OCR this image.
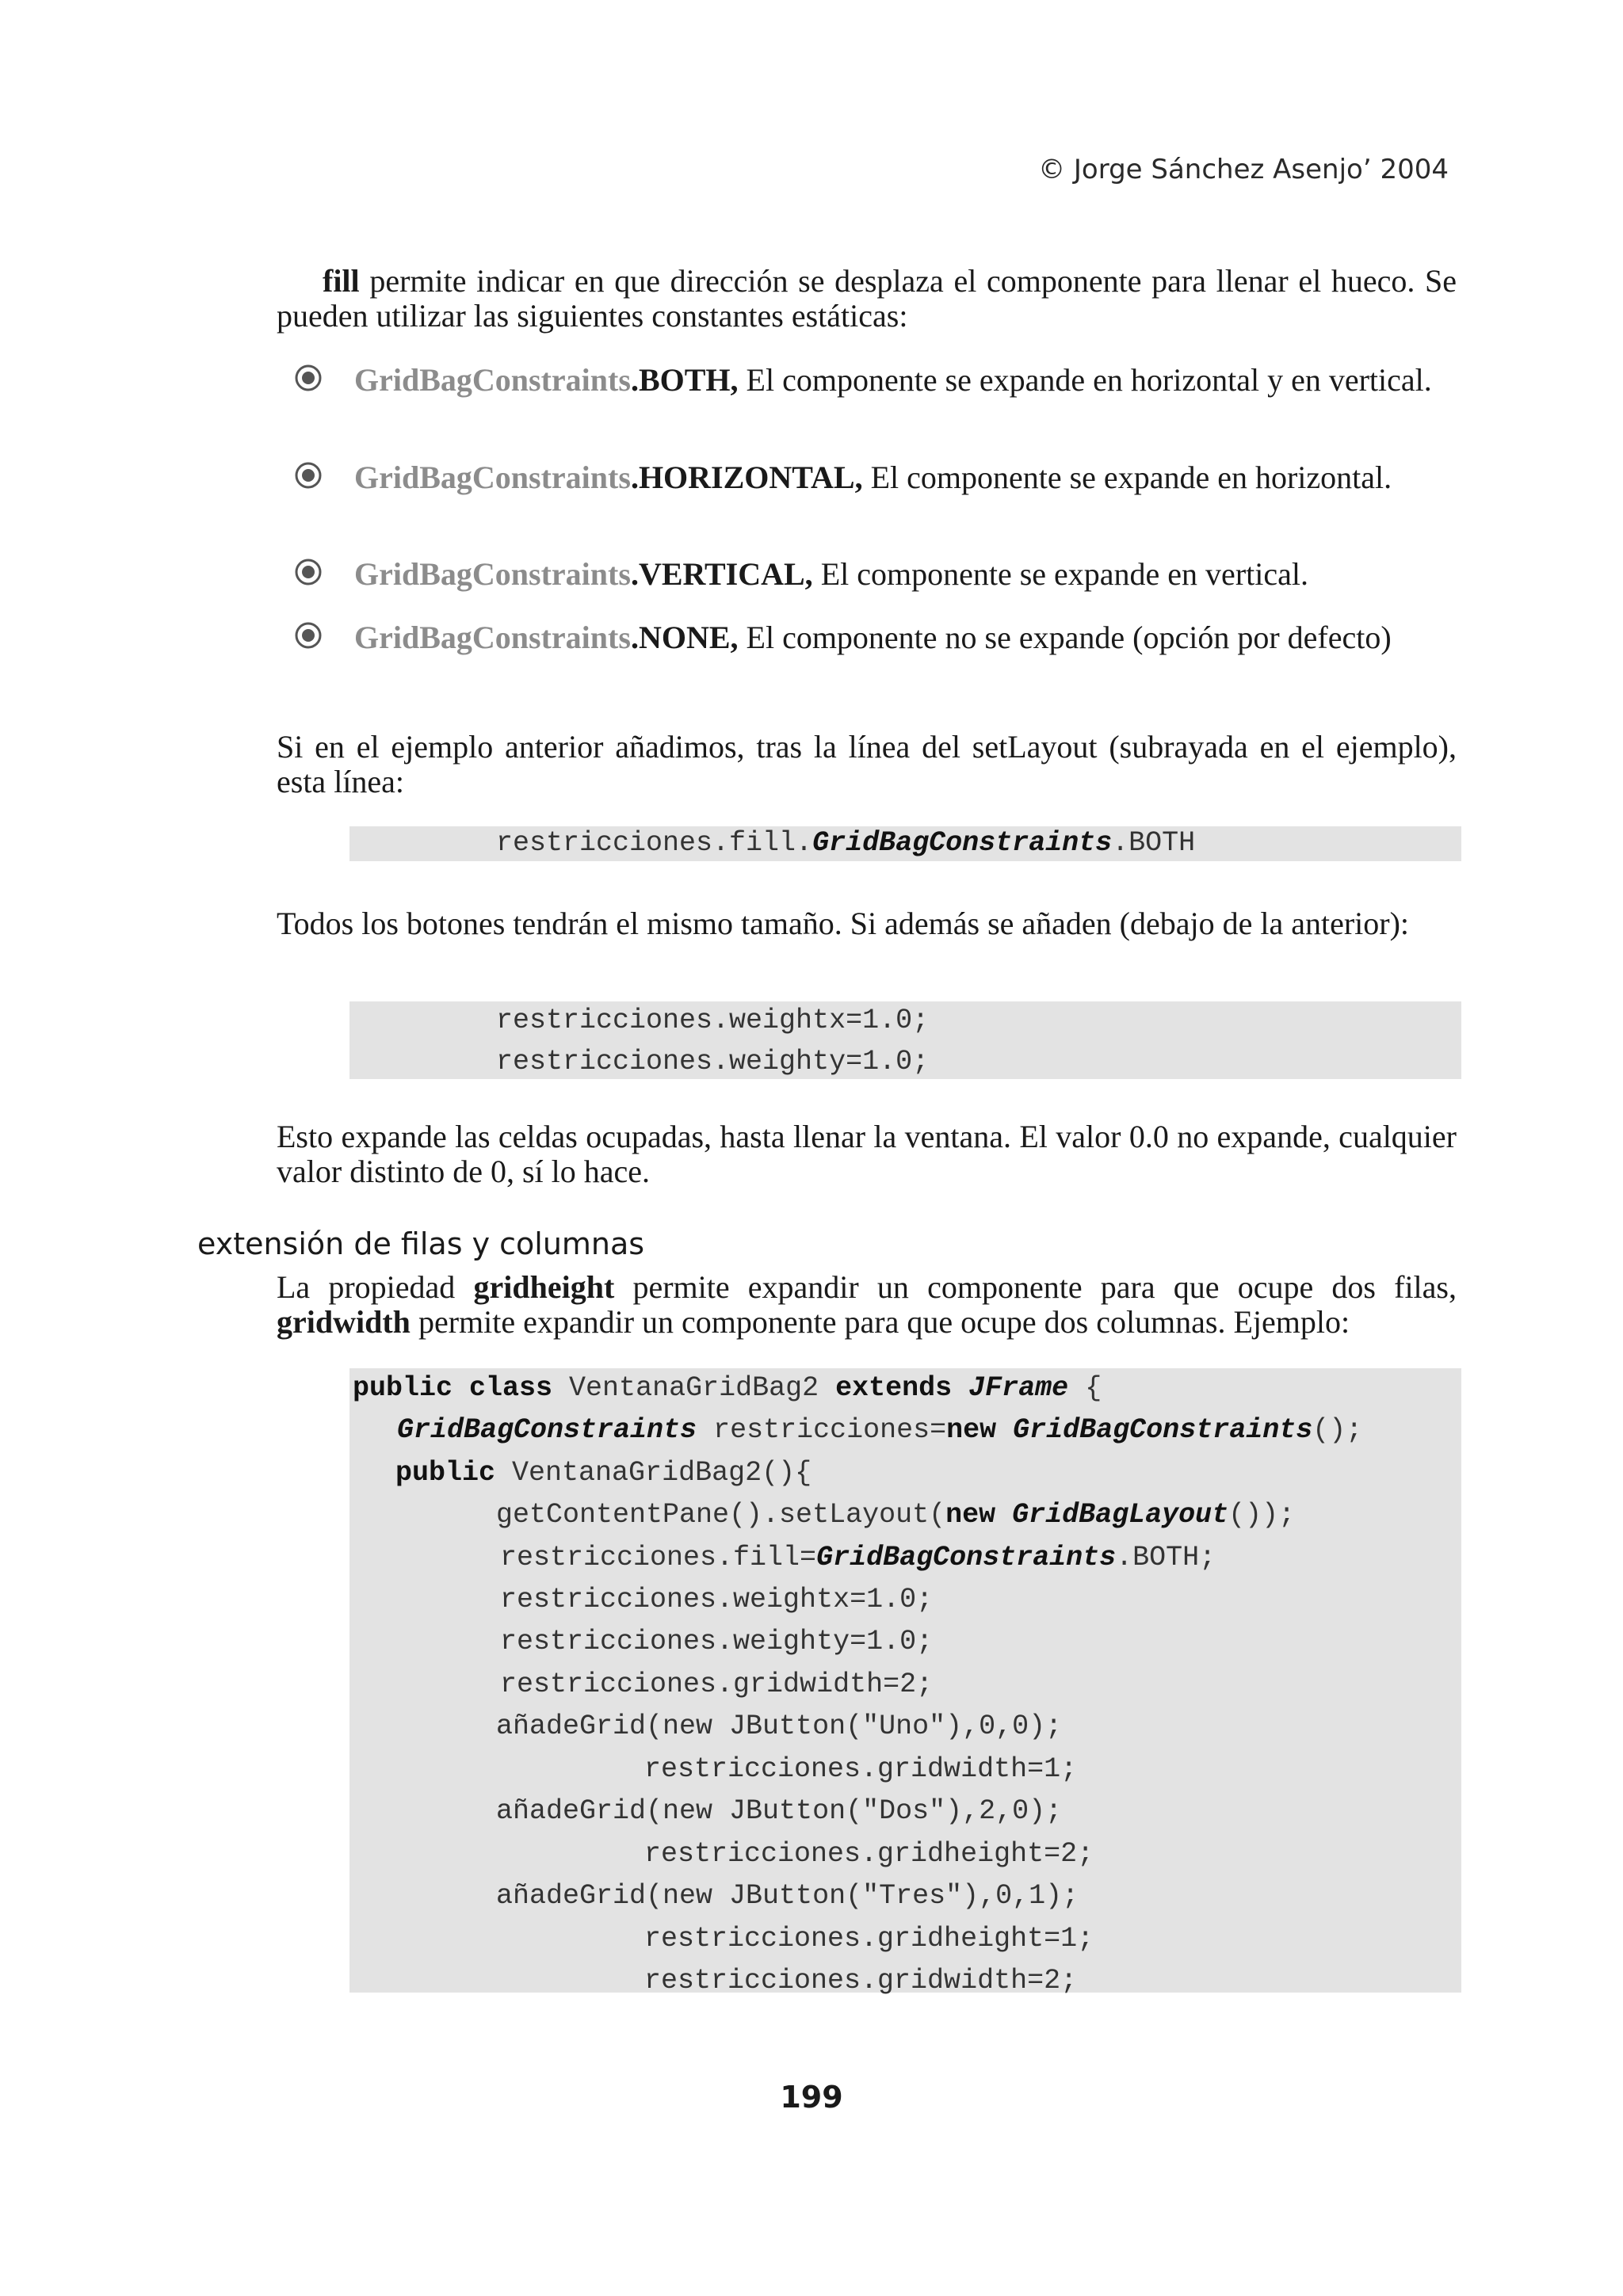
© Jorge Sánchez Asenjo’ 2004
fill permite indicar en que dirección se desplaza el componente para llenar el hueco. Se pueden utilizar las siguientes constantes estáticas:
GridBagConstraints.BOTH, El componente se expande en horizontal y en vertical.
GridBagConstraints.HORIZONTAL, El componente se expande en horizontal.
GridBagConstraints.VERTICAL, El componente se expande en vertical.
GridBagConstraints.NONE, El componente no se expande (opción por defecto)
Si en el ejemplo anterior añadimos, tras la línea del setLayout (subrayada en el ejemplo), esta línea:
restricciones.fill.GridBagConstraints.BOTH
Todos los botones tendrán el mismo tamaño. Si además se añaden (debajo de la anterior):
restricciones.weightx=1.0;
restricciones.weighty=1.0;
Esto expande las celdas ocupadas, hasta llenar la ventana. El valor 0.0 no expande, cualquier valor distinto de 0, sí lo hace.
extensión de filas y columnas
La propiedad gridheight permite expandir un componente para que ocupe dos filas, gridwidth permite expandir un componente para que ocupe dos columnas. Ejemplo:
public class VentanaGridBag2 extends JFrame {
GridBagConstraints restricciones=new GridBagConstraints();
public VentanaGridBag2(){
getContentPane().setLayout(new GridBagLayout());
restricciones.fill=GridBagConstraints.BOTH;
restricciones.weightx=1.0;
restricciones.weighty=1.0;
restricciones.gridwidth=2;
añadeGrid(new JButton("Uno"),0,0);
restricciones.gridwidth=1;
añadeGrid(new JButton("Dos"),2,0);
restricciones.gridheight=2;
añadeGrid(new JButton("Tres"),0,1);
restricciones.gridheight=1;
restricciones.gridwidth=2;
199
